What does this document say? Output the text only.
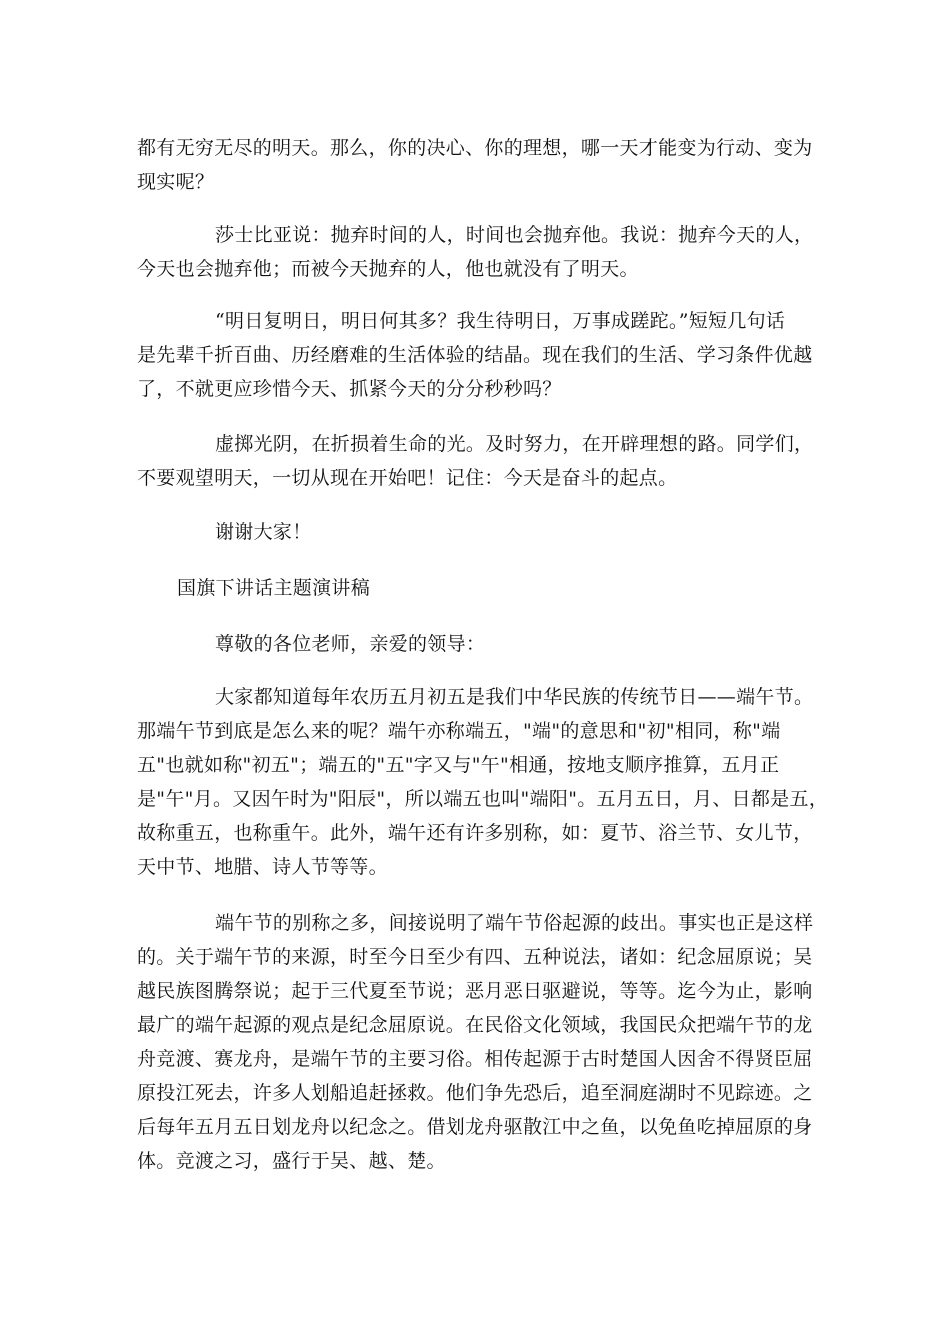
都有无穷无尽的明天。那么，你的决心、你的理想，哪一天才能变为行动、变为
现实呢？

莎士比亚说：抛弃时间的人，时间也会抛弃他。我说：抛弃今天的人，
今天也会抛弃他；而被今天抛弃的人，他也就没有了明天。

“明日复明日，明日何其多？我生待明日，万事成蹉跎。”短短几句话
是先辈千折百曲、历经磨难的生活体验的结晶。现在我们的生活、学习条件优越
了，不就更应珍惜今天、抓紧今天的分分秒秒吗？

虚掷光阴，在折损着生命的光。及时努力，在开辟理想的路。同学们，
不要观望明天，一切从现在开始吧！记住：今天是奋斗的起点。

谢谢大家！

国旗下讲话主题演讲稿

尊敬的各位老师，亲爱的领导：

大家都知道每年农历五月初五是我们中华民族的传统节日——端午节。
那端午节到底是怎么来的呢？端午亦称端五，"端"的意思和"初"相同，称"端
五"也就如称"初五"；端五的"五"字又与"午"相通，按地支顺序推算，五月正
是"午"月。又因午时为"阳辰"，所以端五也叫"端阳"。五月五日，月、日都是五，
故称重五，也称重午。此外，端午还有许多别称，如：夏节、浴兰节、女儿节，
天中节、地腊、诗人节等等。

端午节的别称之多，间接说明了端午节俗起源的歧出。事实也正是这样
的。关于端午节的来源，时至今日至少有四、五种说法，诸如：纪念屈原说；吴
越民族图腾祭说；起于三代夏至节说；恶月恶日驱避说，等等。迄今为止，影响
最广的端午起源的观点是纪念屈原说。在民俗文化领域，我国民众把端午节的龙
舟竞渡、赛龙舟，是端午节的主要习俗。相传起源于古时楚国人因舍不得贤臣屈
原投江死去，许多人划船追赶拯救。他们争先恐后，追至洞庭湖时不见踪迹。之
后每年五月五日划龙舟以纪念之。借划龙舟驱散江中之鱼，以免鱼吃掉屈原的身
体。竞渡之习，盛行于吴、越、楚。
